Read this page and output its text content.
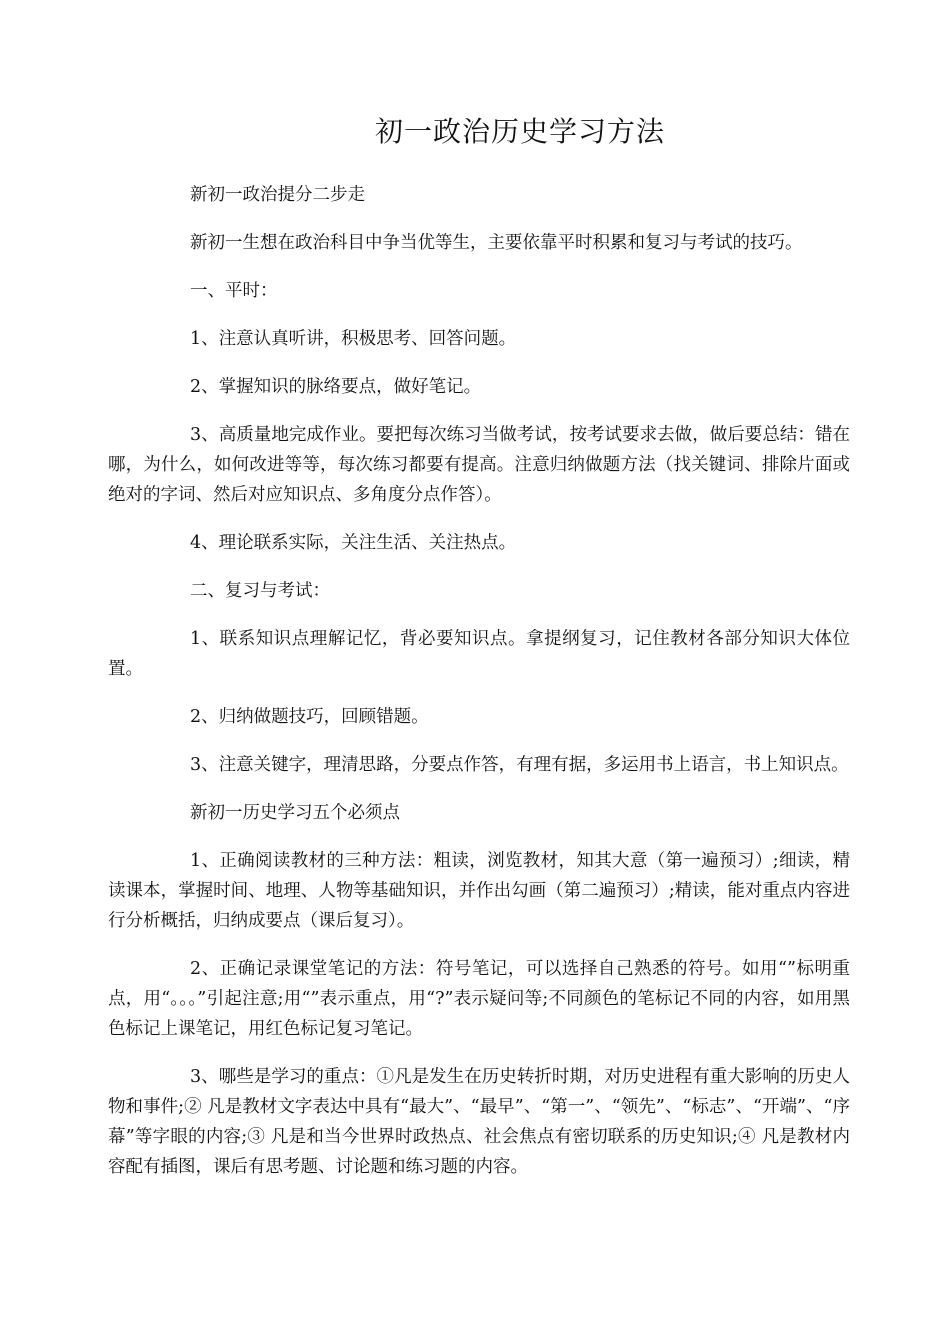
初一政治历史学习方法

新初一政治提分二步走

新初一生想在政治科目中争当优等生，主要依靠平时积累和复习与考试的技巧。

一、平时：

1、注意认真听讲，积极思考、回答问题。

2、掌握知识的脉络要点，做好笔记。

3、高质量地完成作业。要把每次练习当做考试，按考试要求去做，做后要总结：错在哪，为什么，如何改进等等，每次练习都要有提高。注意归纳做题方法（找关键词、排除片面或绝对的字词、然后对应知识点、多角度分点作答）。

4、理论联系实际，关注生活、关注热点。

二、复习与考试：

1、联系知识点理解记忆，背必要知识点。拿提纲复习，记住教材各部分知识大体位置。

2、归纳做题技巧，回顾错题。

3、注意关键字，理清思路，分要点作答，有理有据，多运用书上语言，书上知识点。

新初一历史学习五个必须点

1、正确阅读教材的三种方法：粗读，浏览教材，知其大意（第一遍预习）;细读，精读课本，掌握时间、地理、人物等基础知识，并作出勾画（第二遍预习）;精读，能对重点内容进行分析概括，归纳成要点（课后复习）。

2、正确记录课堂笔记的方法：符号笔记，可以选择自己熟悉的符号。如用“”标明重点，用“。。。”引起注意;用“”表示重点，用“?”表示疑问等;不同颜色的笔标记不同的内容，如用黑色标记上课笔记，用红色标记复习笔记。

3、哪些是学习的重点：①凡是发生在历史转折时期，对历史进程有重大影响的历史人物和事件;② 凡是教材文字表达中具有“最大”、“最早”、“第一”、“领先”、“标志”、“开端”、“序幕”等字眼的内容;③ 凡是和当今世界时政热点、社会焦点有密切联系的历史知识;④ 凡是教材内容配有插图，课后有思考题、讨论题和练习题的内容。
